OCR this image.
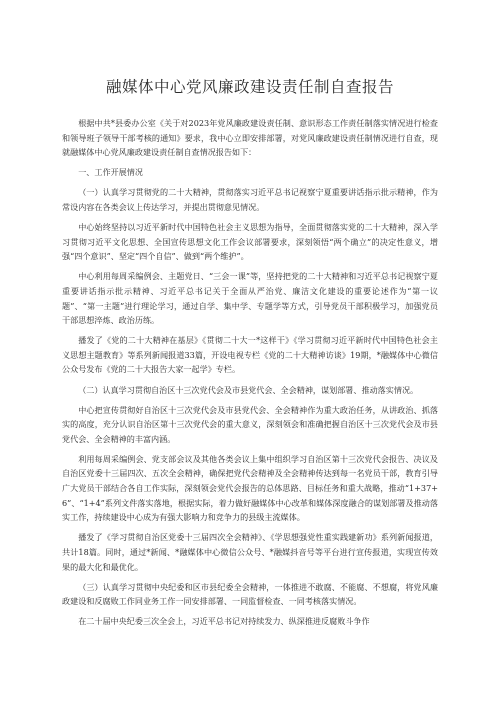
融媒体中心党风廉政建设责任制自查报告

根据中共*县委办公室《关于对2023年党风廉政建设责任制、意识形态工作责任制落实情况进行检查和领导班子领导干部考核的通知》要求，我中心立即安排部署，对党风廉政建设责任制情况进行自查，现就融媒体中心党风廉政建设责任制自查情况报告如下：

一、工作开展情况

（一）认真学习贯彻党的二十大精神，贯彻落实习近平总书记视察宁夏重要讲话指示批示精神，作为常设内容在各类会议上传达学习，并提出贯彻意见情况。

中心始终坚持以习近平新时代中国特色社会主义思想为指导，全面贯彻落实党的二十大精神，深入学习贯彻习近平文化思想、全国宣传思想文化工作会议部署要求，深刻领悟“两个确立”的决定性意义，增强“四个意识”、坚定“四个自信”、做到“两个维护”。

中心利用每周采编例会、主题党日、“三会一课”等，坚持把党的二十大精神和习近平总书记视察宁夏重要讲话指示批示精神、习近平总书记关于全面从严治党、廉洁文化建设的重要论述作为“第一议题”、“第一主题”进行理论学习，通过自学、集中学、专题学等方式，引导党员干部积极学习，加强党员干部思想淬炼、政治历练。

播发了《党的二十大精神在基层》《贯彻二十大一*这样干》《学习贯彻习近平新时代中国特色社会主义思想主题教育》等系列新闻报道33篇，开设电视专栏《党的二十大精神访谈》19期，*融媒体中心微信公众号发布《党的二十大报告大家一起学》专栏。

（二）认真学习贯彻自治区十三次党代会及市县党代会、全会精神，谋划部署、推动落实情况。

中心把宣传贯彻好自治区十三次党代会及市县党代会、全会精神作为重大政治任务，从讲政治、抓落实的高度，充分认识自治区第十三次党代会的重大意义，深刻领会和准确把握自治区十三次党代会及市县党代会、全会精神的丰富内涵。

利用每周采编例会、党支部会议及其他各类会议上集中组织学习自治区第十三次党代会报告、决议及自治区党委十三届四次、五次全会精神，确保把党代会精神及全会精神传达到每一名党员干部，教育引导广大党员干部结合各自工作实际，深刻领会党代会报告的总体思路、目标任务和重大战略，推动“1+37+6”、“1+4”系列文件落实落地，根据实际，着力做好融媒体中心改革和媒体深度融合的谋划部署及推动落实工作，持续建设中心成为有强大影响力和竞争力的县级主流媒体。

播发了《学习贯彻自治区党委十三届四次全会精神》、《学思想强党性重实践建新功》系列新闻报道，共计18篇。同时，通过*新闻、*融媒体中心微信公众号、*融媒抖音号等平台进行宣传报道，实现宣传效果的最大化和最优化。

（三）认真学习贯彻中央纪委和区市县纪委全会精神，一体推进不敢腐、不能腐、不想腐，将党风廉政建设和反腐败工作同业务工作一同安排部署、一同监督检查、一同考核落实情况。

在二十届中央纪委三次全会上，习近平总书记对持续发力、纵深推进反腐败斗争作
